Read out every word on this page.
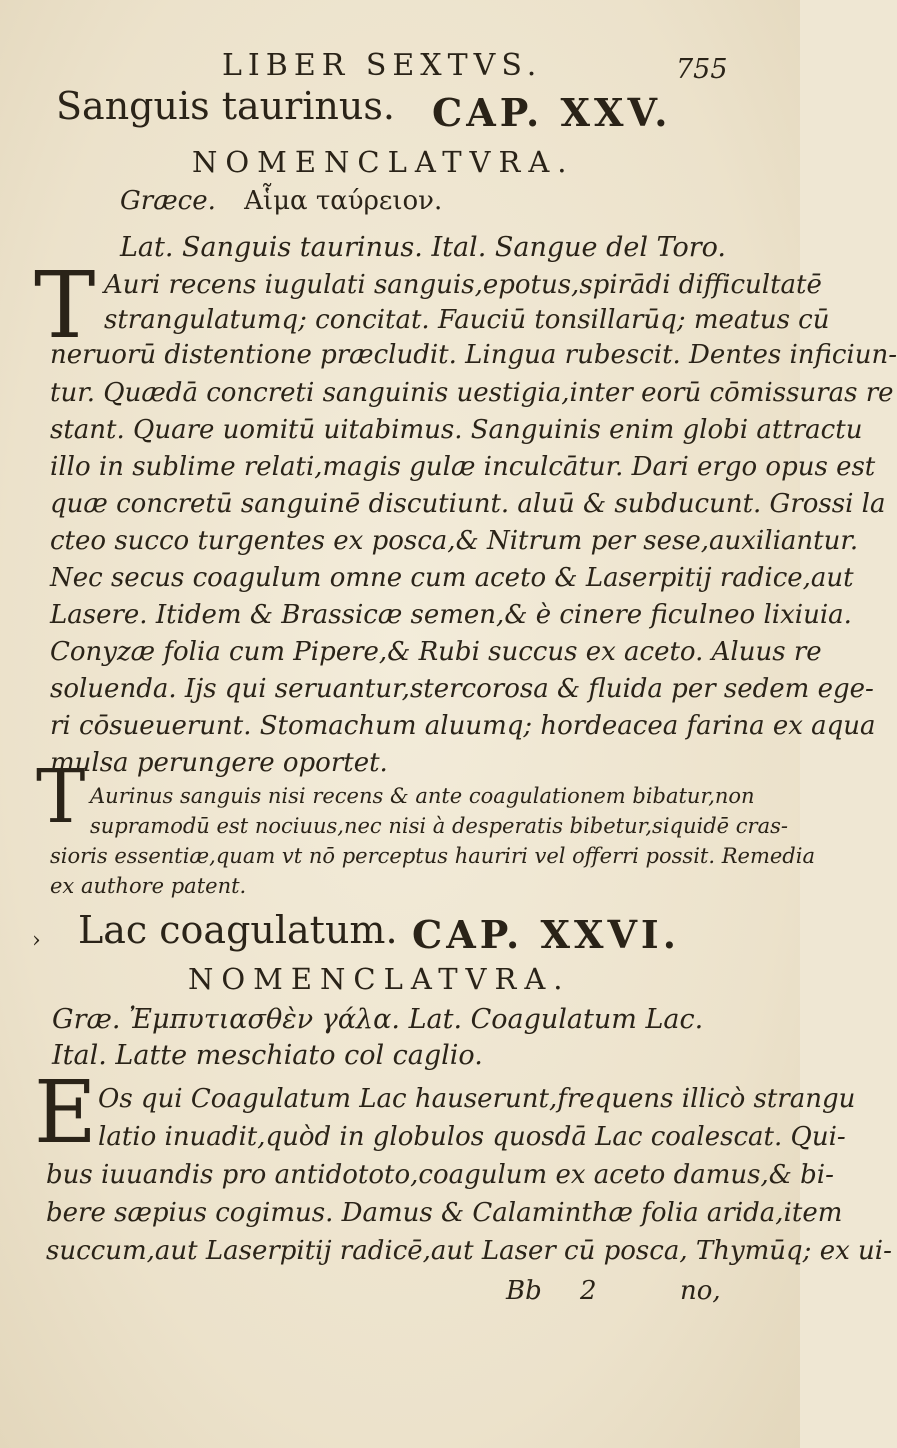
LIBER SEXTVS.	755
Sanguis taurinus. CAP. XXV.
NOMENCLATVRA.
Græce. Αἷμα ταύρειον.
Lat. Sanguis taurinus. Ital. Sangue del Toro.
T Auri recens iugulati sanguis,epotus,spirādi difficultatē
strangulatumq; concitat. Fauciū tonsillarūq; meatus cū
neruorū distentione præcludit. Lingua rubescit. Dentes inficiun-
tur. Quædā concreti sanguinis uestigia,inter eorū cōmissuras re
stant. Quare uomitū uitabimus. Sanguinis enim globi attractu
illo in sublime relati,magis gulæ inculcātur. Dari ergo opus est
quæ concretū sanguinē discutiunt. aluū & subducunt. Grossi la
cteo succo turgentes ex posca,& Nitrum per sese,auxiliantur.
Nec secus coagulum omne cum aceto & Laserpitij radice,aut
Lasere. Itidem & Brassicæ semen,& è cinere ficulneo lixiuia.
Conyzæ folia cum Pipere,& Rubi succus ex aceto. Aluus re
soluenda. Ijs qui seruantur,stercorosa & fluida per sedem ege-
ri cōsueuerunt. Stomachum aluumq; hordeacea farina ex aqua
mulsa perungere oportet.
T Aurinus sanguis nisi recens & ante coagulationem bibatur,non
supramodū est nociuus,nec nisi à desperatis bibetur,siquidē cras-
sioris essentiæ,quam vt nō perceptus hauriri vel offerri possit. Remedia
ex authore patent.
› Lac coagulatum. CAP. XXVI.
NOMENCLATVRA.
Græ. Ἐμπυτιασθὲν γάλα. Lat. Coagulatum Lac.
Ital. Latte meschiato col caglio.
E Os qui Coagulatum Lac hauserunt,frequens illicò strangu
latio inuadit,quòd in globulos quosdā Lac coalescat. Qui-
bus iuuandis pro antidototo,coagulum ex aceto damus,& bi-
bere sæpius cogimus. Damus & Calaminthæ folia arida,item
succum,aut Laserpitij radicē,aut Laser cū posca, Thymūq; ex ui-
Bb 2	no,
